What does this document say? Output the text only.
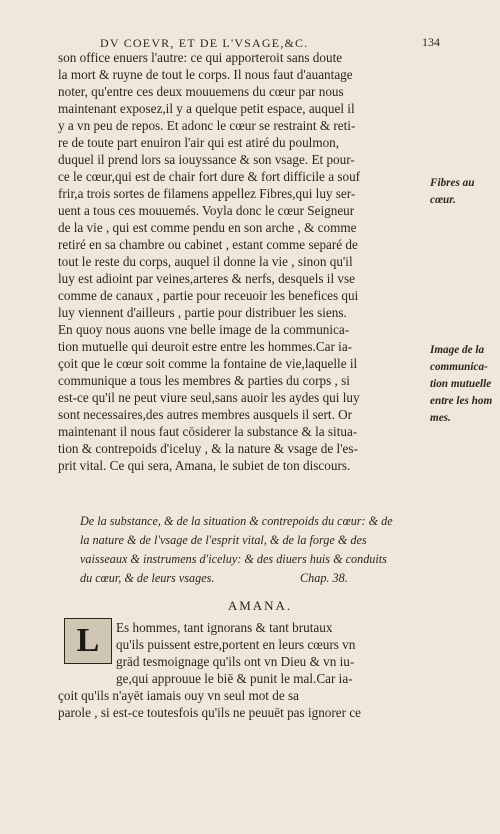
DV COEVR, ET DE L'VSAGE,&C.	134
son office enuers l'autre: ce qui apporteroit sans doute
la mort & ruyne de tout le corps. Il nous faut d'auantage
noter, qu'entre ces deux mouuemens du cœur par nous
maintenant exposez,il y a quelque petit espace, auquel il
y a vn peu de repos. Et adonc le cœur se restraint & reti-
re de toute part enuiron l'air qui est atiré du poulmon,
duquel il prend lors sa iouyssance & son vsage. Et pour-
ce le cœur,qui est de chair fort dure & fort difficile a souf
frir,a trois sortes de filamens appellez Fibres,qui luy ser-
uent a tous ces mouuemés. Voyla donc le cœur Seigneur
de la vie , qui est comme pendu en son arche , & comme
retiré en sa chambre ou cabinet , estant comme separé de
tout le reste du corps, auquel il donne la vie , sinon qu'il
luy est adioint par veines,arteres & nerfs, desquels il vse
comme de canaux , partie pour receuoir les benefices qui
luy viennent d'ailleurs , partie pour distribuer les siens.
En quoy nous auons vne belle image de la communica-
tion mutuelle qui deuroit estre entre les hommes.Car ia-
çoit que le cœur soit comme la fontaine de vie,laquelle il
communique a tous les membres & parties du corps , si
est-ce qu'il ne peut viure seul,sans auoir les aydes qui luy
sont necessaires,des autres membres ausquels il sert. Or
maintenant il nous faut cōsiderer la substance & la situa-
tion & contrepoids d'iceluy , & la nature & vsage de l'es-
prit vital. Ce qui sera, Amana, le subiet de ton discours.
Fibres au
cœur.
Image de la
communica-
tion mutuelle
entre les hom
mes.
De la substance, & de la situation & contrepoids du cœur: & de
la nature & de l'vsage de l'esprit vital, & de la forge & des
vaisseaux & instrumens d'iceluy: & des diuers huis & conduits
du cœur, & de leurs vsages.	Chap. 38.
AMANA.
L Es hommes, tant ignorans & tant brutaux
qu'ils puissent estre,portent en leurs cœurs vn
grād tesmoignage qu'ils ont vn Dieu & vn iu-
ge,qui approuue le biē & punit le mal.Car ia-
çoit qu'ils n'ayēt iamais ouy vn seul mot de sa
parole , si est-ce toutesfois qu'ils ne peuuēt pas ignorer ce
